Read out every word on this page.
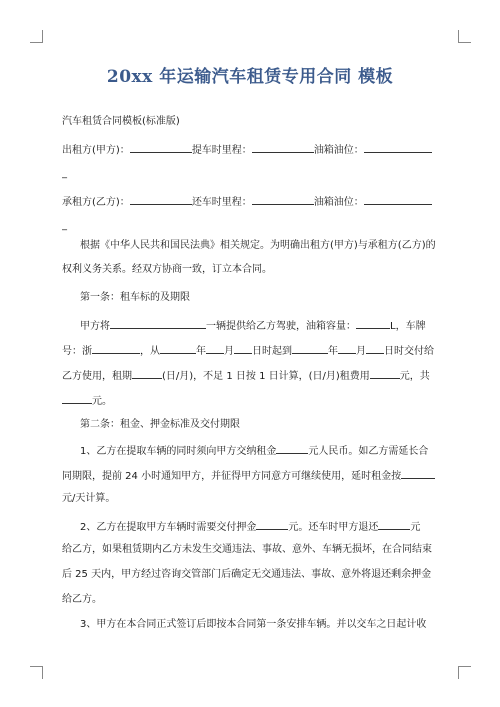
20xx 年运输汽车租赁专用合同 模板
汽车租赁合同模板(标准版)
出租方(甲方)：	提车时里程：	油箱油位：
_
承租方(乙方)：	还车时里程：	油箱油位：
_
根据《中华人民共和国民法典》相关规定。为明确出租方(甲方)与承租方(乙方)的
权利义务关系。经双方协商一致，订立本合同。
第一条：租车标的及期限
甲方将	一辆提供给乙方驾驶，油箱容量：	L，车牌
号：浙	，从	年 月 日时起到	年 月 日时交付给
乙方使用，租期	(日/月)，不足 1 日按 1 日计算，(日/月)租费用	元，共
元。
第二条：租金、押金标准及交付期限
1、乙方在提取车辆的同时须向甲方交纳租金	元人民币。如乙方需延长合
同期限，提前 24 小时通知甲方，并征得甲方同意方可继续使用，延时租金按
元/天计算。
2、乙方在提取甲方车辆时需要交付押金	元。还车时甲方退还	元
给乙方，如果租赁期内乙方未发生交通违法、事故、意外、车辆无损坏，在合同结束
后 25 天内，甲方经过咨询交管部门后确定无交通违法、事故、意外将退还剩余押金
给乙方。
3、甲方在本合同正式签订后即按本合同第一条安排车辆。并以交车之日起计收
